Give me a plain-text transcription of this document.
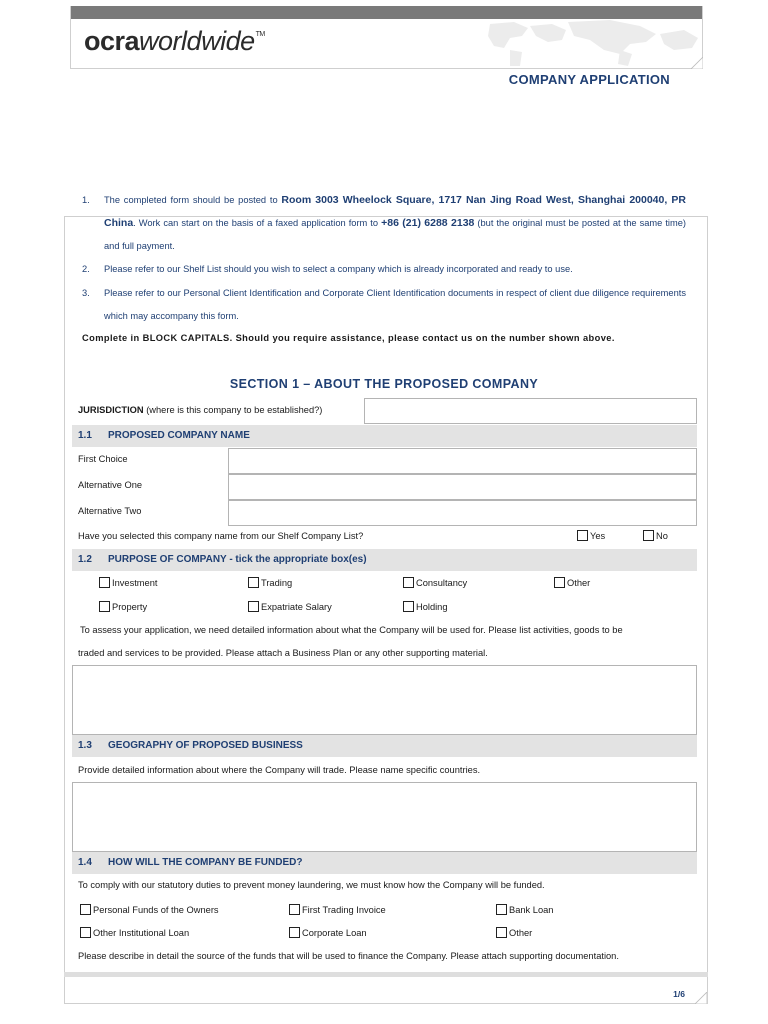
ocraworldwide™
COMPANY APPLICATION
1. The completed form should be posted to Room 3003 Wheelock Square, 1717 Nan Jing Road West, Shanghai 200040, PR China. Work can start on the basis of a faxed application form to +86 (21) 6288 2138 (but the original must be posted at the same time) and full payment.
2. Please refer to our Shelf List should you wish to select a company which is already incorporated and ready to use.
3. Please refer to our Personal Client Identification and Corporate Client Identification documents in respect of client due diligence requirements which may accompany this form.
Complete in BLOCK CAPITALS. Should you require assistance, please contact us on the number shown above.
SECTION 1 – ABOUT THE PROPOSED COMPANY
JURISDICTION (where is this company to be established?)
1.1 PROPOSED COMPANY NAME
First Choice
Alternative One
Alternative Two
Have you selected this company name from our Shelf Company List?	Yes	No
1.2 PURPOSE OF COMPANY - tick the appropriate box(es)
Investment	Trading	Consultancy	Other
Property	Expatriate Salary	Holding
To assess your application, we need detailed information about what the Company will be used for. Please list activities, goods to be
traded and services to be provided. Please attach a Business Plan or any other supporting material.
1.3 GEOGRAPHY OF PROPOSED BUSINESS
Provide detailed information about where the Company will trade. Please name specific countries.
1.4 HOW WILL THE COMPANY BE FUNDED?
To comply with our statutory duties to prevent money laundering, we must know how the Company will be funded.
Personal Funds of the Owners	First Trading Invoice	Bank Loan
Other Institutional Loan	Corporate Loan	Other
Please describe in detail the source of the funds that will be used to finance the Company. Please attach supporting documentation.
1/6
